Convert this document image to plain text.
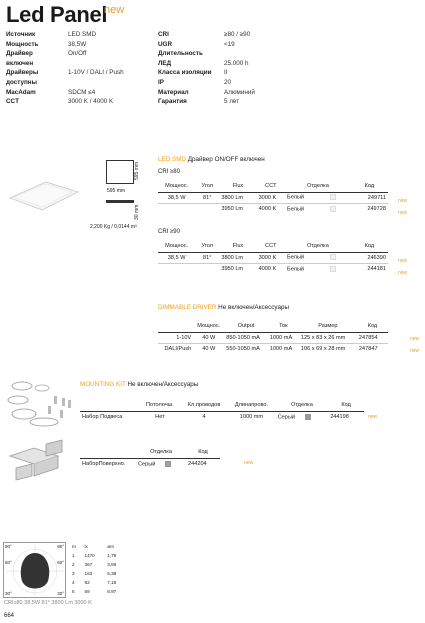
Led Panel
new
Источник	LED SMD
Мощность	38,5W
Драйвер	On/Off
включен
Драйверы	1-10V / DALI / Push
доступны
MacAdam	SDCM ≤4
CCT	3000 K / 4000 K
CRI	≥80 / ≥90
UGR	<19
Длительность
ЛЕД	25.000 h
Класса изоляции	II
IP	20
Материал	Алюминий
Гарантия	5 лет
595 mm
595 mm
30 mm
2,200 Kg / 0,0144 m³
LED SMD Драйвер ON/OFF включен
CRI ≥80
Мощнос.	Угол	Flux	CCT	Отделка	Код
38,5 W	81°	3800 Lm	3000 K	Белый	249711
		3950 Lm	4000 K	Белый	249728
new
new
CRI ≥90
Мощнос.	Угол	Flux	CCT	Отделка	Код
38,5 W	81°	3800 Lm	3000 K	Белый	246390
		3950 Lm	4000 K	Белый	244181
new
new
DIMMABLE DRIVER Не включен/Аксессуары
	Мощнос.	Output	Ток	Размер	Код
1-10V	40 W	850-1050 mA	1000 mA	125 x 83 x 26 mm	247854
DALI/Push	40 W	550-1050 mA	1000 mA	106 x 69 x 28 mm	247847
new
new
MOUNTING KIT Не включен/Аксессуары
	Потолочш.	Кл.проводов	Длинапрово.	Отделка	Код
Набор Подвеса	Нет	4	1000 mm	Серый	244198	new
	Отделка	Код
НаборПоверхно.	Серый	244204	new
90°	90°
60°	60°
30°	30°
m	lx	øm
1	1470	1,79
2	367	3,59
3	163	5,38
4	92	7,18
5	59	8,97
CRI≥80 38,5W 81° 3800 Lm 3000 K
664
